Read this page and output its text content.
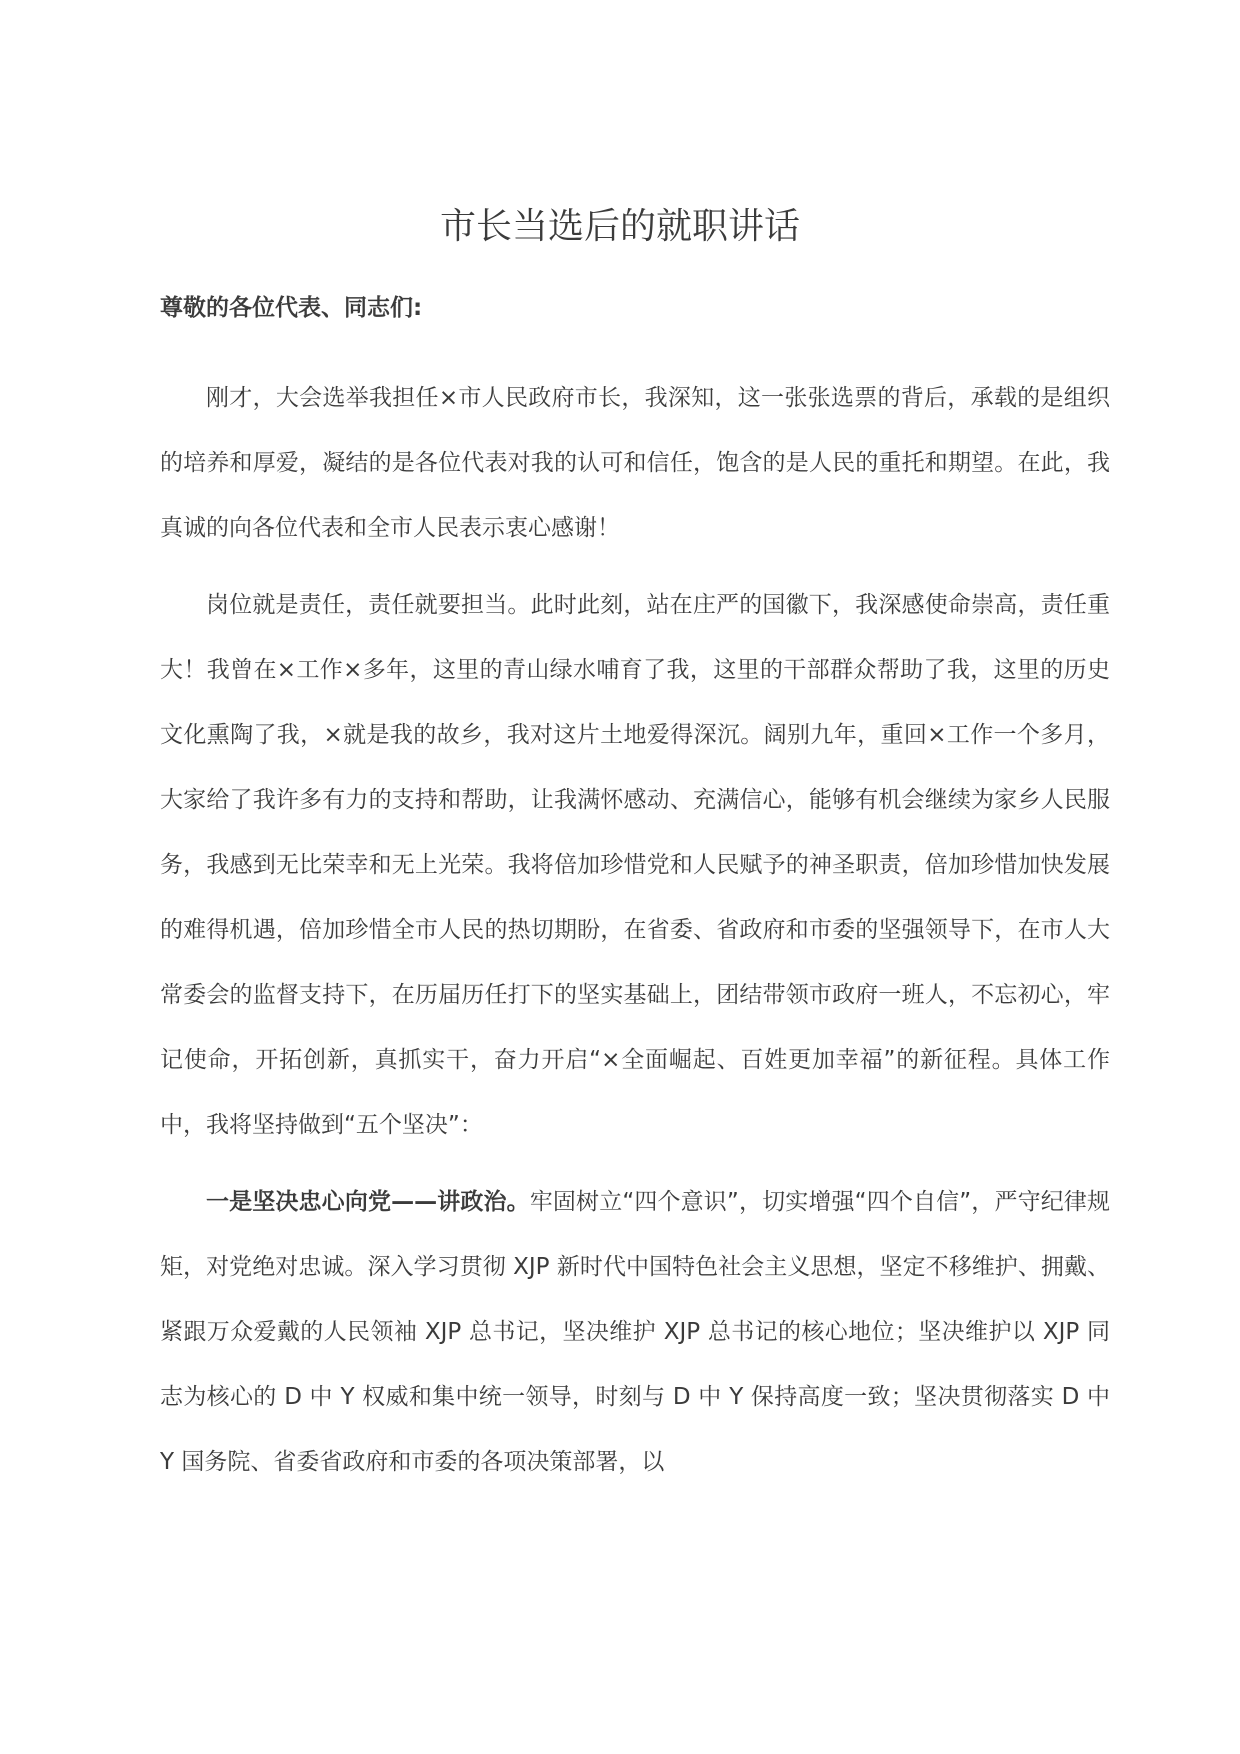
市长当选后的就职讲话
尊敬的各位代表、同志们:

刚才，大会选举我担任×市人民政府市长，我深知，这一张张选票的背后，承载的是组织的培养和厚爱，凝结的是各位代表对我的认可和信任，饱含的是人民的重托和期望。在此，我真诚的向各位代表和全市人民表示衷心感谢！

岗位就是责任，责任就要担当。此时此刻，站在庄严的国徽下，我深感使命崇高，责任重大！我曾在×工作×多年，这里的青山绿水哺育了我，这里的干部群众帮助了我，这里的历史文化熏陶了我，×就是我的故乡，我对这片土地爱得深沉。阔别九年，重回×工作一个多月，大家给了我许多有力的支持和帮助，让我满怀感动、充满信心，能够有机会继续为家乡人民服务，我感到无比荣幸和无上光荣。我将倍加珍惜党和人民赋予的神圣职责，倍加珍惜加快发展的难得机遇，倍加珍惜全市人民的热切期盼，在省委、省政府和市委的坚强领导下，在市人大常委会的监督支持下，在历届历任打下的坚实基础上，团结带领市政府一班人，不忘初心，牢记使命，开拓创新，真抓实干，奋力开启“×全面崛起、百姓更加幸福”的新征程。具体工作中，我将坚持做到“五个坚决”：

一是坚决忠心向党——讲政治。牢固树立“四个意识”，切实增强“四个自信”，严守纪律规矩，对党绝对忠诚。深入学习贯彻 XJP 新时代中国特色社会主义思想，坚定不移维护、拥戴、紧跟万众爱戴的人民领袖 XJP 总书记，坚决维护 XJP 总书记的核心地位；坚决维护以 XJP 同志为核心的 D 中 Y 权威和集中统一领导，时刻与 D 中 Y 保持高度一致；坚决贯彻落实 D 中 Y 国务院、省委省政府和市委的各项决策部署，以
